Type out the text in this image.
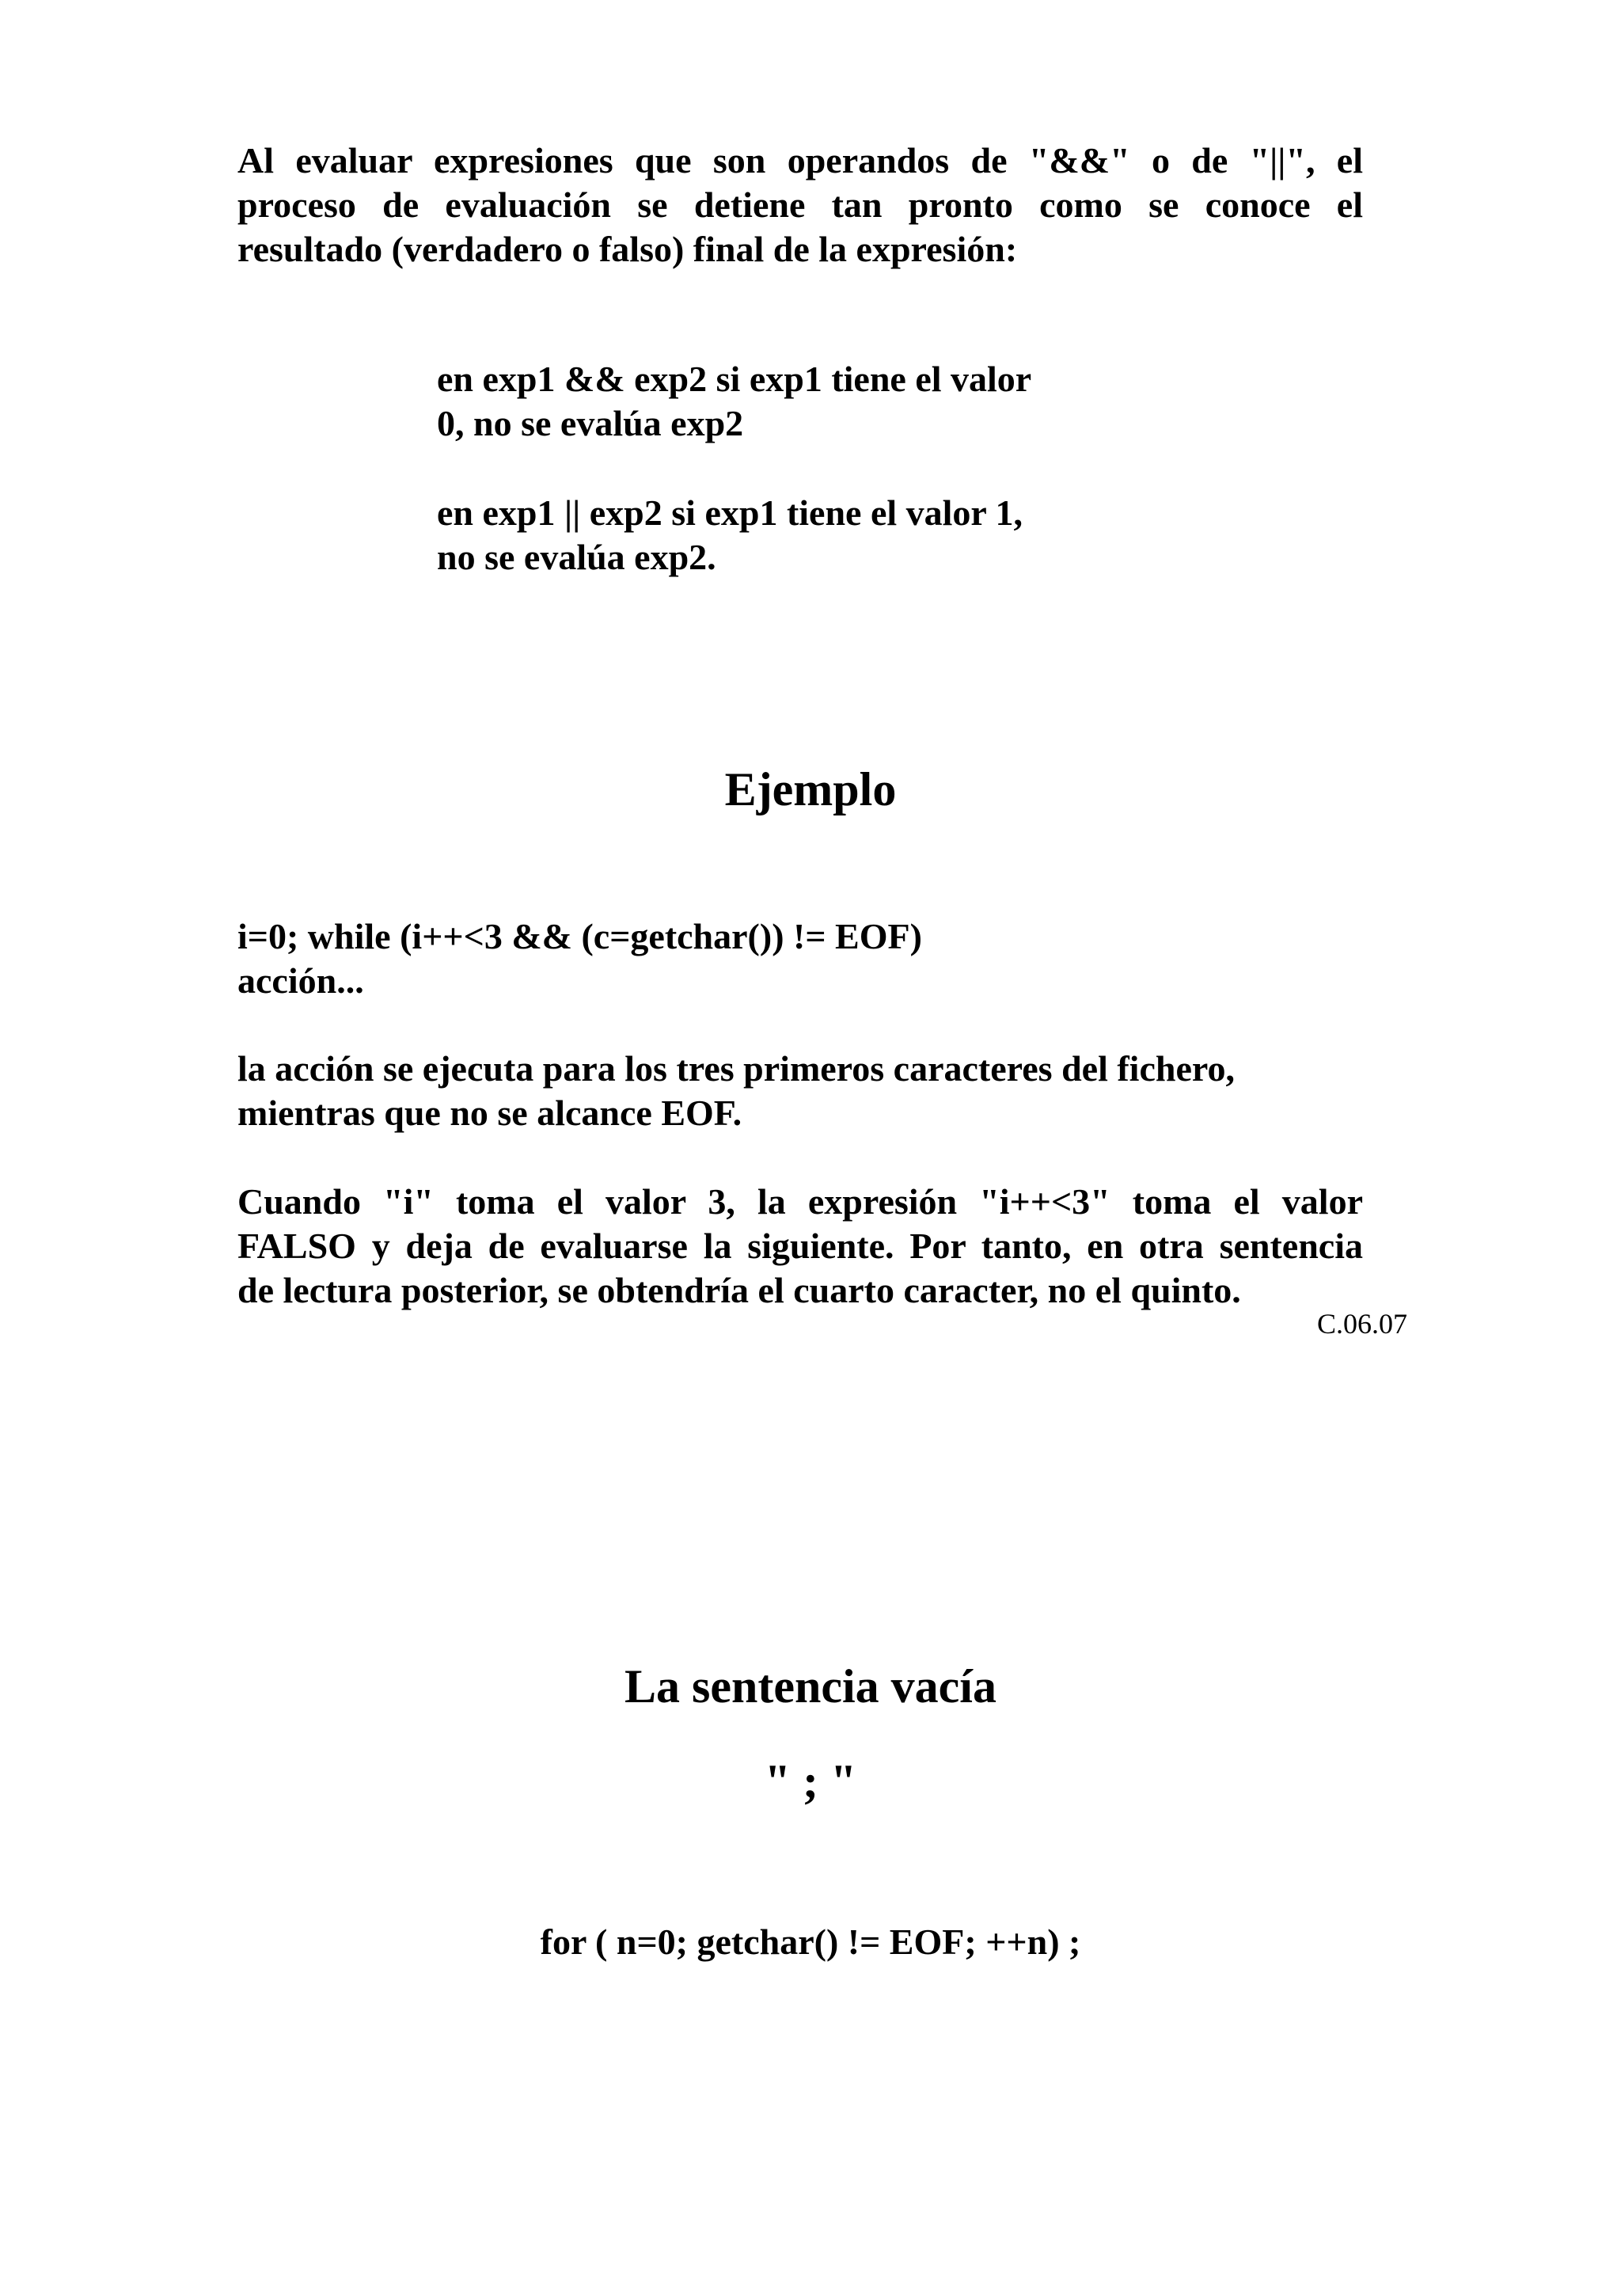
Al evaluar expresiones que son operandos de "&&" o de "||", el
proceso de evaluación se detiene tan pronto como se conoce el
resultado (verdadero o falso) final de la expresión:
en exp1 && exp2 si exp1 tiene el valor
0, no se evalúa exp2
en exp1 || exp2 si exp1 tiene el valor 1,
no se evalúa exp2.
Ejemplo
i=0; while (i++<3 && (c=getchar()) != EOF)
acción...
la acción se ejecuta para los tres primeros caracteres del fichero,
mientras que no se alcance EOF.
Cuando "i" toma el valor 3, la expresión "i++<3" toma el valor
FALSO y deja de evaluarse la siguiente. Por tanto, en otra sentencia
de lectura posterior, se obtendría el cuarto caracter, no el quinto.
C.06.07
La sentencia vacía
" ; "
for ( n=0; getchar() != EOF; ++n) ;
